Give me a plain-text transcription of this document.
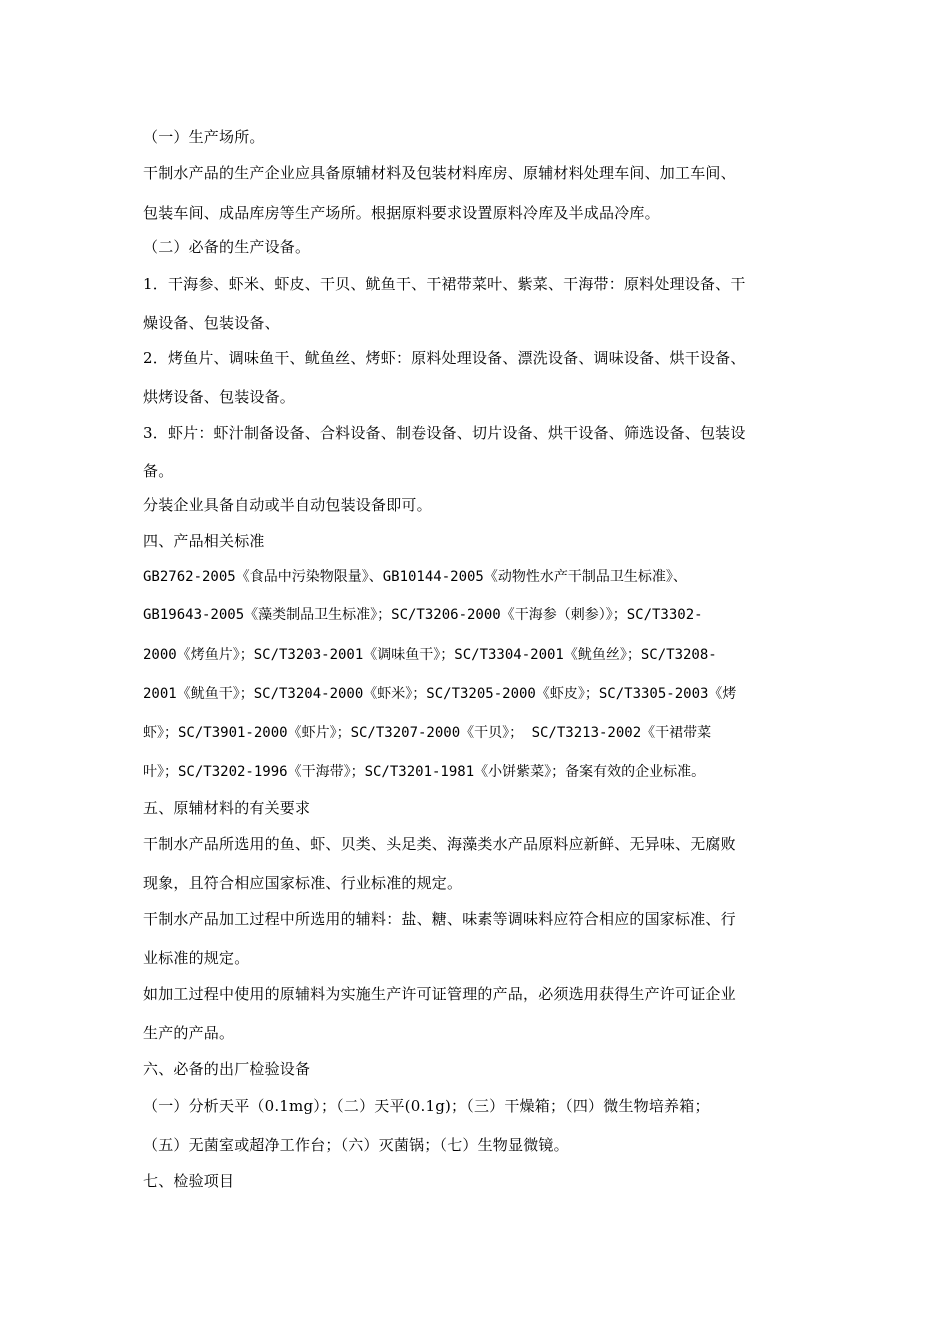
（一）生产场所。

干制水产品的生产企业应具备原辅材料及包装材料库房、原辅材料处理车间、加工车间、

包装车间、成品库房等生产场所。根据原料要求设置原料冷库及半成品冷库。

（二）必备的生产设备。

1．干海参、虾米、虾皮、干贝、鱿鱼干、干裙带菜叶、紫菜、干海带：原料处理设备、干

燥设备、包装设备、

2．烤鱼片、调味鱼干、鱿鱼丝、烤虾：原料处理设备、漂洗设备、调味设备、烘干设备、

烘烤设备、包装设备。

3．虾片：虾汁制备设备、合料设备、制卷设备、切片设备、烘干设备、筛选设备、包装设

备。

分装企业具备自动或半自动包装设备即可。

四、产品相关标准

GB2762-2005《食品中污染物限量》、GB10144-2005《动物性水产干制品卫生标准》、

GB19643-2005《藻类制品卫生标准》；SC/T3206-2000《干海参（刺参）》；SC/T3302-

2000《烤鱼片》；SC/T3203-2001《调味鱼干》；SC/T3304-2001《鱿鱼丝》；SC/T3208-

2001《鱿鱼干》；SC/T3204-2000《虾米》；SC/T3205-2000《虾皮》；SC/T3305-2003《烤

虾》；SC/T3901-2000《虾片》；SC/T3207-2000《干贝》； SC/T3213-2002《干裙带菜

叶》；SC/T3202-1996《干海带》；SC/T3201-1981《小饼紫菜》；备案有效的企业标准。

五、原辅材料的有关要求

干制水产品所选用的鱼、虾、贝类、头足类、海藻类水产品原料应新鲜、无异味、无腐败

现象，且符合相应国家标准、行业标准的规定。

干制水产品加工过程中所选用的辅料：盐、糖、味素等调味料应符合相应的国家标准、行

业标准的规定。

如加工过程中使用的原辅料为实施生产许可证管理的产品，必须选用获得生产许可证企业

生产的产品。

六、必备的出厂检验设备

（一）分析天平（0.1mg）；（二）天平(0.1g)；（三）干燥箱；（四）微生物培养箱；

（五）无菌室或超净工作台；（六）灭菌锅；（七）生物显微镜。

七、检验项目
